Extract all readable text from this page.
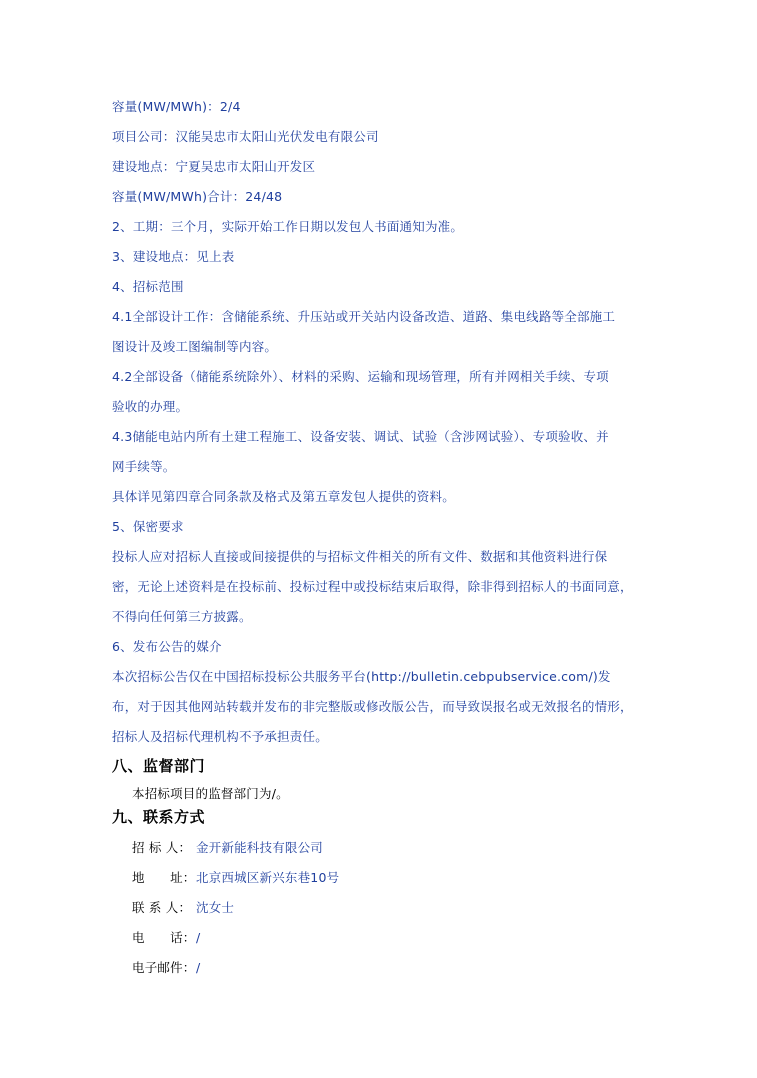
容量(MW/MWh)：2/4
项目公司：汉能吴忠市太阳山光伏发电有限公司
建设地点：宁夏吴忠市太阳山开发区
容量(MW/MWh)合计：24/48
2、工期：三个月，实际开始工作日期以发包人书面通知为准。
3、建设地点：见上表
4、招标范围
4.1全部设计工作：含储能系统、升压站或开关站内设备改造、道路、集电线路等全部施工
图设计及竣工图编制等内容。
4.2全部设备（储能系统除外）、材料的采购、运输和现场管理，所有并网相关手续、专项
验收的办理。
4.3储能电站内所有土建工程施工、设备安装、调试、试验（含涉网试验）、专项验收、并
网手续等。
具体详见第四章合同条款及格式及第五章发包人提供的资料。
5、保密要求
投标人应对招标人直接或间接提供的与招标文件相关的所有文件、数据和其他资料进行保
密，无论上述资料是在投标前、投标过程中或投标结束后取得，除非得到招标人的书面同意，
不得向任何第三方披露。
6、发布公告的媒介
本次招标公告仅在中国招标投标公共服务平台(http://bulletin.cebpubservice.com/)发
布，对于因其他网站转载并发布的非完整版或修改版公告，而导致误报名或无效报名的情形，
招标人及招标代理机构不予承担责任。
八、监督部门
本招标项目的监督部门为/。
九、联系方式
招 标 人： 金开新能科技有限公司
地　　址：北京西城区新兴东巷10号
联 系 人： 沈女士
电　　话：/
电子邮件：/
